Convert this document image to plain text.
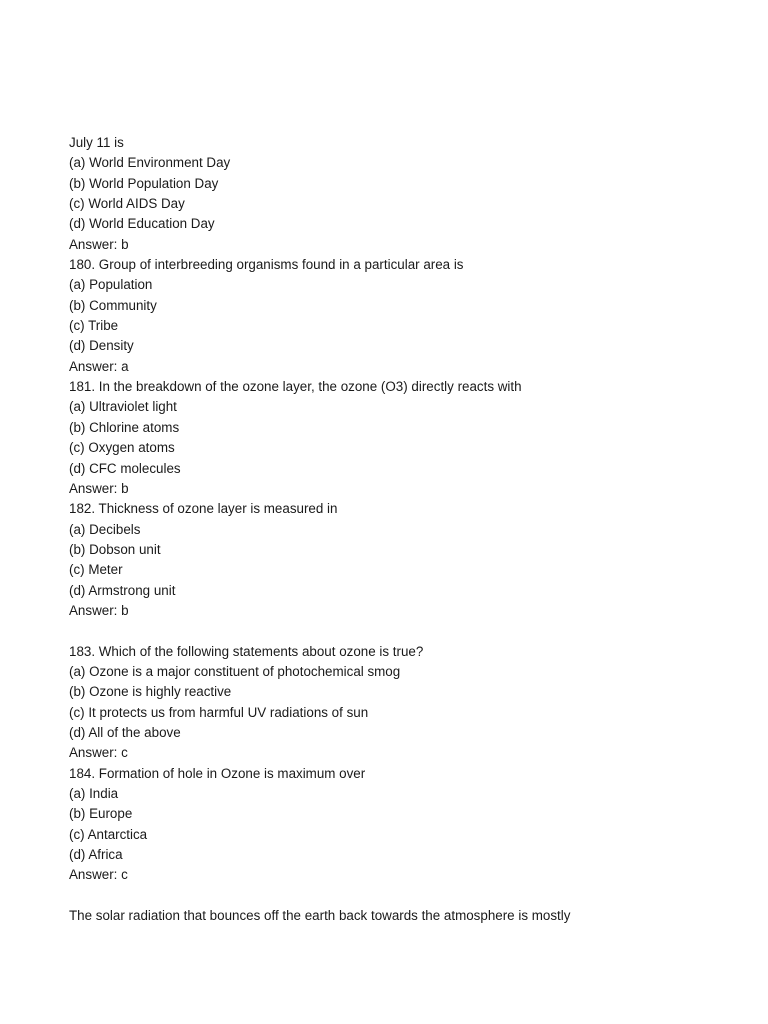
July 11 is
(a) World Environment Day
(b) World Population Day
(c) World AIDS Day
(d) World Education Day
Answer: b
180. Group of interbreeding organisms found in a particular area is
(a) Population
(b) Community
(c) Tribe
(d) Density
Answer: a
181. In the breakdown of the ozone layer, the ozone (O3) directly reacts with
(a) Ultraviolet light
(b) Chlorine atoms
(c) Oxygen atoms
(d) CFC molecules
Answer: b
182. Thickness of ozone layer is measured in
(a) Decibels
(b) Dobson unit
(c) Meter
(d) Armstrong unit
Answer: b
183. Which of the following statements about ozone is true?
(a) Ozone is a major constituent of photochemical smog
(b) Ozone is highly reactive
(c) It protects us from harmful UV radiations of sun
(d) All of the above
Answer: c
184. Formation of hole in Ozone is maximum over
(a) India
(b) Europe
(c) Antarctica
(d) Africa
Answer: c
The solar radiation that bounces off the earth back towards the atmosphere is mostly
